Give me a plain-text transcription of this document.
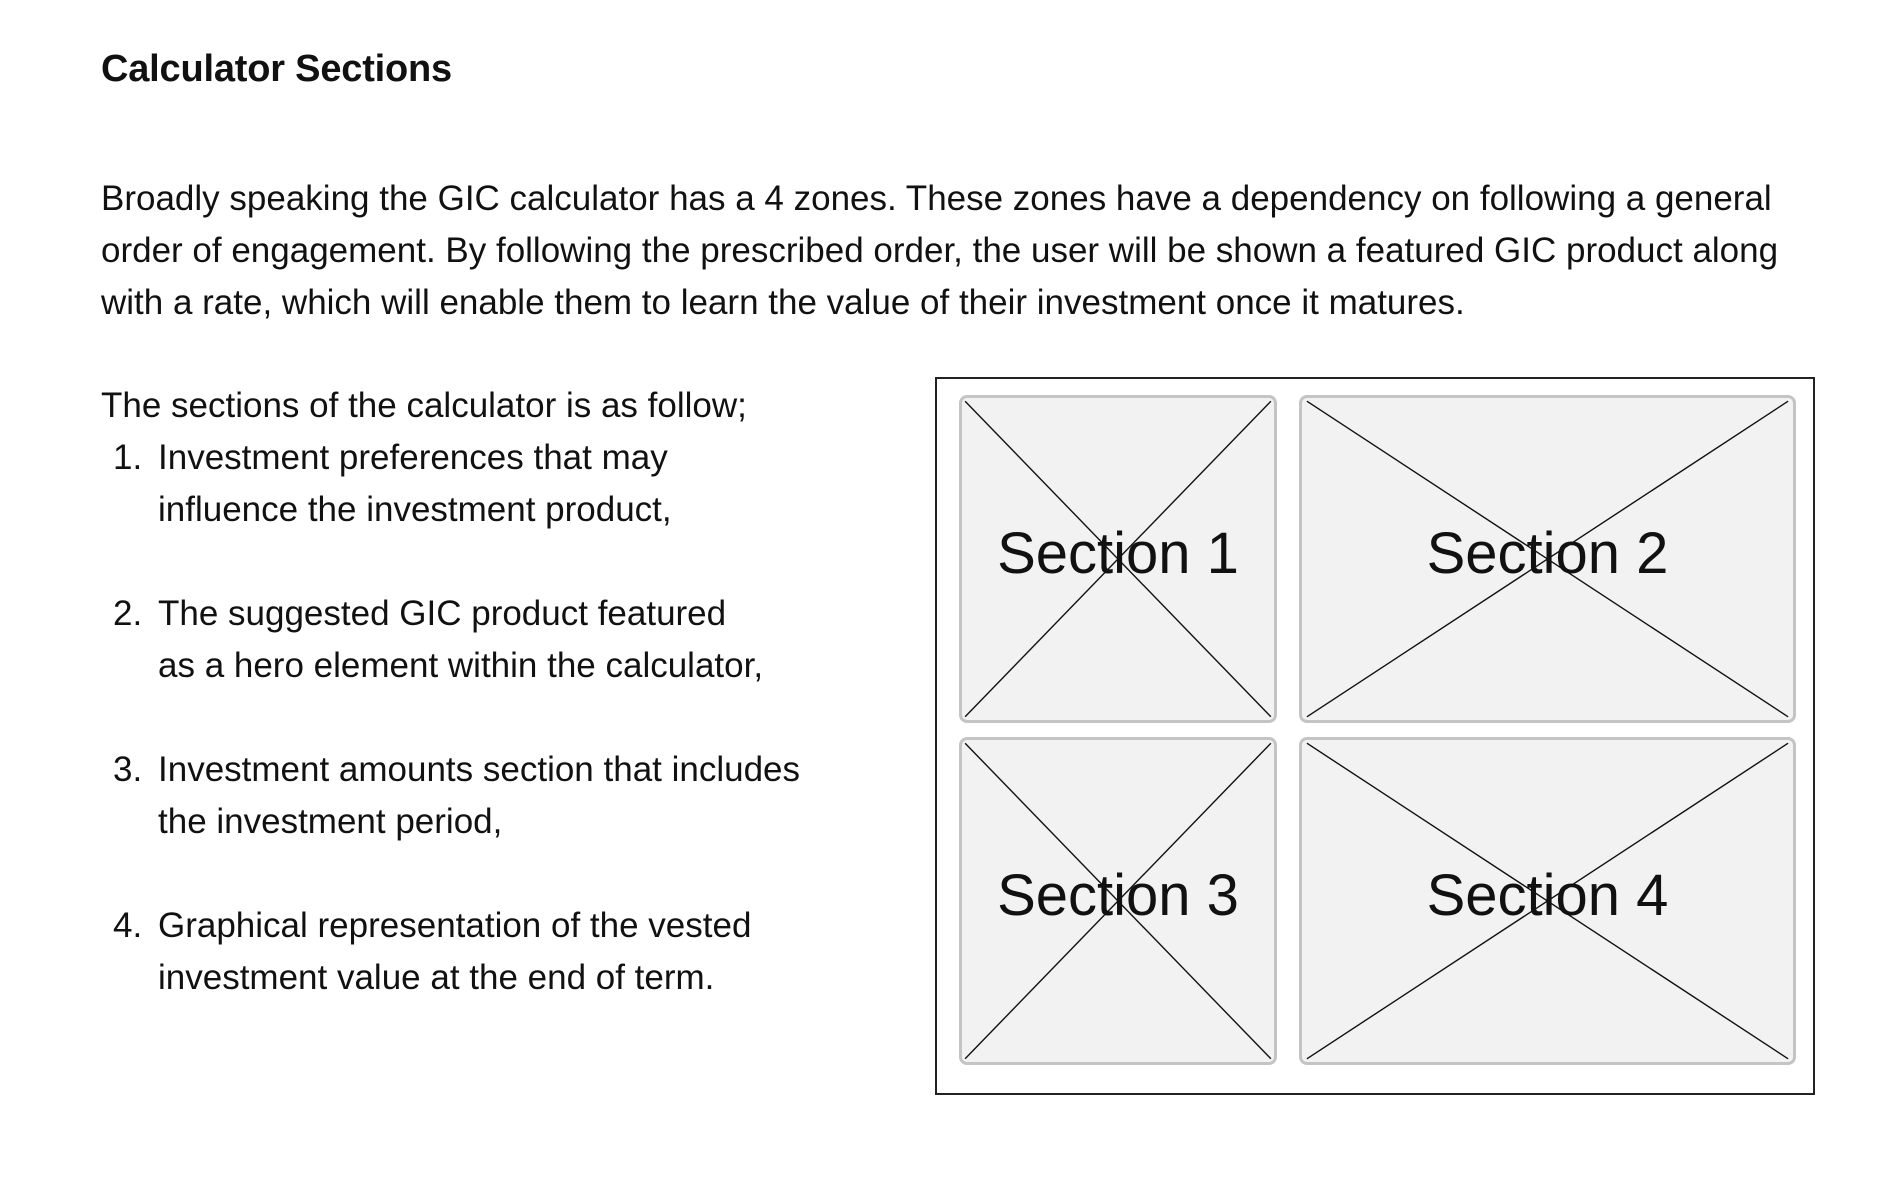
Calculator Sections

Broadly speaking the GIC calculator has a 4 zones. These zones have a dependency on following a general order of engagement. By following the prescribed order, the user will be shown a featured GIC product along with a rate, which will enable them to learn the value of their investment once it matures.

The sections of the calculator is as follow;

1. Investment preferences that may
influence the investment product,
2. The suggested GIC product featured
as a hero element within the calculator,
3. Investment amounts section that includes
the investment period,
4. Graphical representation of the vested
investment value at the end of term.
Section 1	Section 2
Section 3	Section 4
